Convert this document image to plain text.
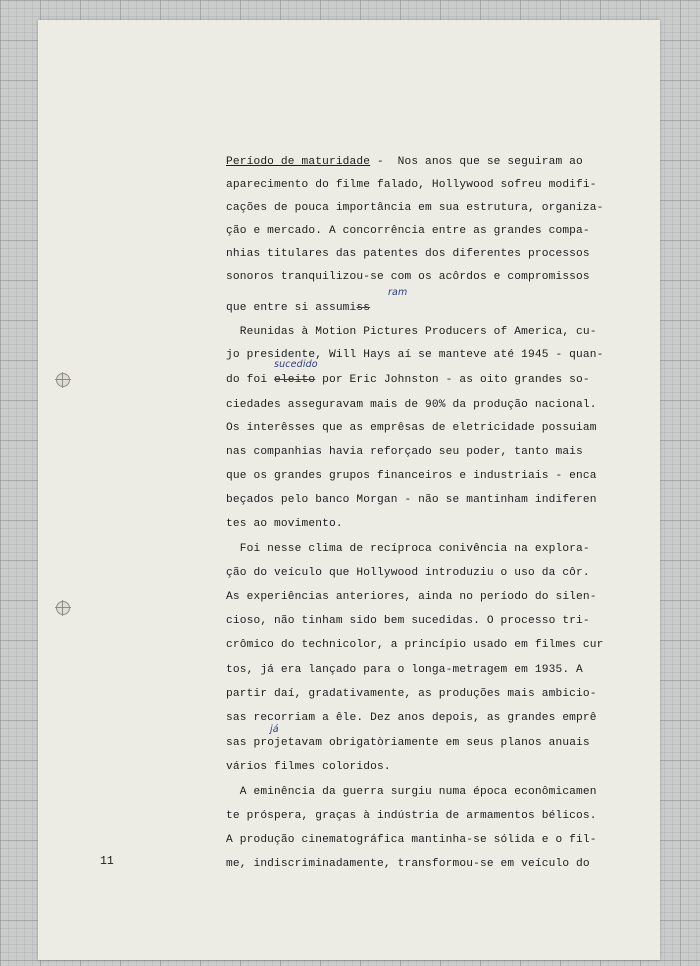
Período de maturidade -  Nos anos que se seguiram ao
aparecimento do filme falado, Hollywood sofreu modifi-
cações de pouca importância em sua estrutura, organiza-
ção e mercado. A concorrência entre as grandes compa-
nhias titulares das patentes dos diferentes processos
sonoros tranquilizou-se com os acôrdos e compromissos
que entre si assumiss
ram
Reunidas à Motion Pictures Producers of America, cu-
jo presidente, Will Hays aí se manteve até 1945 - quan-
do foi eleito por Eric Johnston - as oito grandes so-
sucedido
ciedades asseguravam mais de 90% da produção nacional.
Os interêsses que as emprêsas de eletricidade possuiam
nas companhias havia reforçado seu poder, tanto mais
que os grandes grupos financeiros e industriais - enca
beçados pelo banco Morgan - não se mantinham indiferen
tes ao movimento.
Foi nesse clima de recíproca conivência na explora-
ção do veículo que Hollywood introduziu o uso da côr.
As experiências anteriores, ainda no período do silen-
cioso, não tinham sido bem sucedidas. O processo tri-
crômico do technicolor, a princípio usado em filmes cur
tos, já era lançado para o longa-metragem em 1935. A
partir daí, gradativamente, as produções mais ambicio-
sas recorriam a êle. Dez anos depois, as grandes emprê
sas projetavam obrigatòriamente em seus planos anuais
já
vários filmes coloridos.
A eminência da guerra surgiu numa época econômicamen
te próspera, graças à indústria de armamentos bélicos.
A produção cinematográfica mantinha-se sólida e o fil-
me, indiscriminadamente, transformou-se em veículo do
11
